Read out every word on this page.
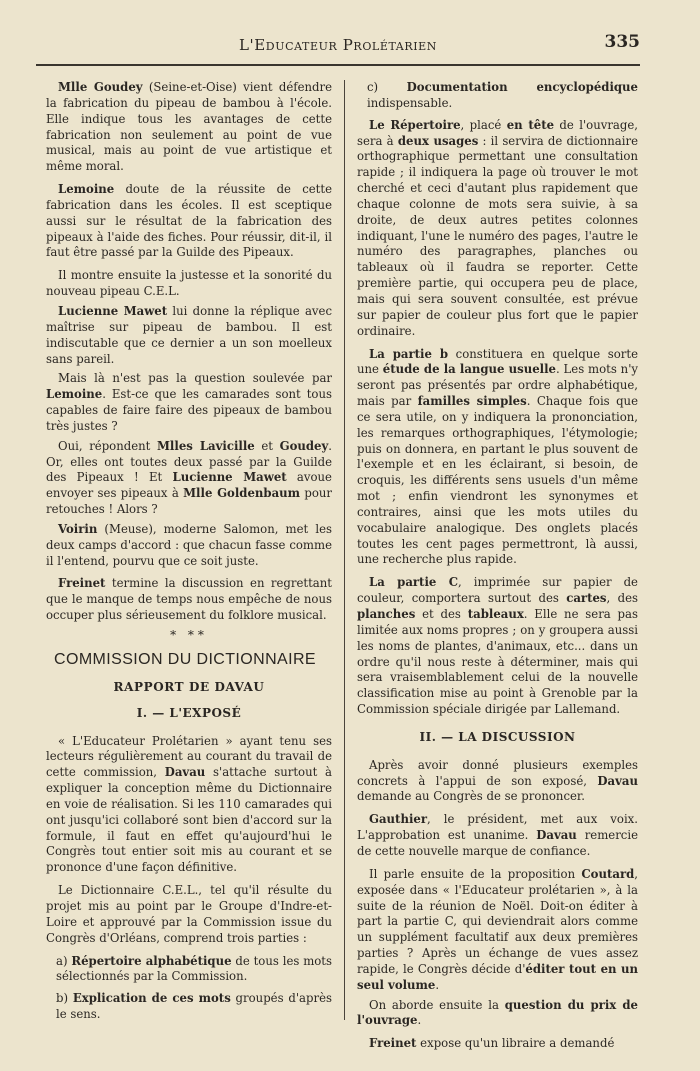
L'Educateur Prolétarien	335

Mlle Goudey (Seine-et-Oise) vient défendre la fabrication du pipeau de bambou à l'école. Elle indique tous les avantages de cette fabrication non seulement au point de vue musical, mais au point de vue artistique et même moral.

Lemoine doute de la réussite de cette fabrication dans les écoles. Il est sceptique aussi sur le résultat de la fabrication des pipeaux à l'aide des fiches. Pour réussir, dit-il, il faut être passé par la Guilde des Pipeaux.

Il montre ensuite la justesse et la sonorité du nouveau pipeau C.E.L.

Lucienne Mawet lui donne la réplique avec maîtrise sur pipeau de bambou. Il est indiscutable que ce dernier a un son moelleux sans pareil.

Mais là n'est pas la question soulevée par Lemoine. Est-ce que les camarades sont tous capables de faire faire des pipeaux de bambou très justes ?

Oui, répondent Mlles Lavicille et Goudey. Or, elles ont toutes deux passé par la Guilde des Pipeaux ! Et Lucienne Mawet avoue envoyer ses pipeaux à Mlle Goldenbaum pour retouches ! Alors ?

Voirin (Meuse), moderne Salomon, met les deux camps d'accord : que chacun fasse comme il l'entend, pourvu que ce soit juste.

Freinet termine la discussion en regrettant que le manque de temps nous empêche de nous occuper plus sérieusement du folklore musical.

* **
COMMISSION DU DICTIONNAIRE
RAPPORT DE DAVAU
I. — L'EXPOSÉ

« L'Educateur Prolétarien » ayant tenu ses lecteurs régulièrement au courant du travail de cette commission, Davau s'attache surtout à expliquer la conception même du Dictionnaire en voie de réalisation. Si les 110 camarades qui ont jusqu'ici collaboré sont bien d'accord sur la formule, il faut en effet qu'aujourd'hui le Congrès tout entier soit mis au courant et se prononce d'une façon définitive.

Le Dictionnaire C.E.L., tel qu'il résulte du projet mis au point par le Groupe d'Indre-et-Loire et approuvé par la Commission issue du Congrès d'Orléans, comprend trois parties :

a) Répertoire alphabétique de tous les mots sélectionnés par la Commission.

b) Explication de ces mots groupés d'après le sens.

c) Documentation encyclopédique indispensable.

Le Répertoire, placé en tête de l'ouvrage, sera à deux usages : il servira de dictionnaire orthographique permettant une consultation rapide ; il indiquera la page où trouver le mot cherché et ceci d'autant plus rapidement que chaque colonne de mots sera suivie, à sa droite, de deux autres petites colonnes indiquant, l'une le numéro des pages, l'autre le numéro des paragraphes, planches ou tableaux où il faudra se reporter. Cette première partie, qui occupera peu de place, mais qui sera souvent consultée, est prévue sur papier de couleur plus fort que le papier ordinaire.

La partie b constituera en quelque sorte une étude de la langue usuelle. Les mots n'y seront pas présentés par ordre alphabétique, mais par familles simples. Chaque fois que ce sera utile, on y indiquera la prononciation, les remarques orthographiques, l'étymologie; puis on donnera, en partant le plus souvent de l'exemple et en les éclairant, si besoin, de croquis, les différents sens usuels d'un même mot ; enfin viendront les synonymes et contraires, ainsi que les mots utiles du vocabulaire analogique. Des onglets placés toutes les cent pages permettront, là aussi, une recherche plus rapide.

La partie C, imprimée sur papier de couleur, comportera surtout des cartes, des planches et des tableaux. Elle ne sera pas limitée aux noms propres ; on y groupera aussi les noms de plantes, d'animaux, etc... dans un ordre qu'il nous reste à déterminer, mais qui sera vraisemblablement celui de la nouvelle classification mise au point à Grenoble par la Commission spéciale dirigée par Lallemand.

II. — LA DISCUSSION

Après avoir donné plusieurs exemples concrets à l'appui de son exposé, Davau demande au Congrès de se prononcer.

Gauthier, le président, met aux voix. L'approbation est unanime. Davau remercie de cette nouvelle marque de confiance.

Il parle ensuite de la proposition Coutard, exposée dans « l'Educateur prolétarien », à la suite de la réunion de Noël. Doit-on éditer à part la partie C, qui deviendrait alors comme un supplément facultatif aux deux premières parties ? Après un échange de vues assez rapide, le Congrès décide d'éditer tout en un seul volume.

On aborde ensuite la question du prix de l'ouvrage.

Freinet expose qu'un libraire a demandé
